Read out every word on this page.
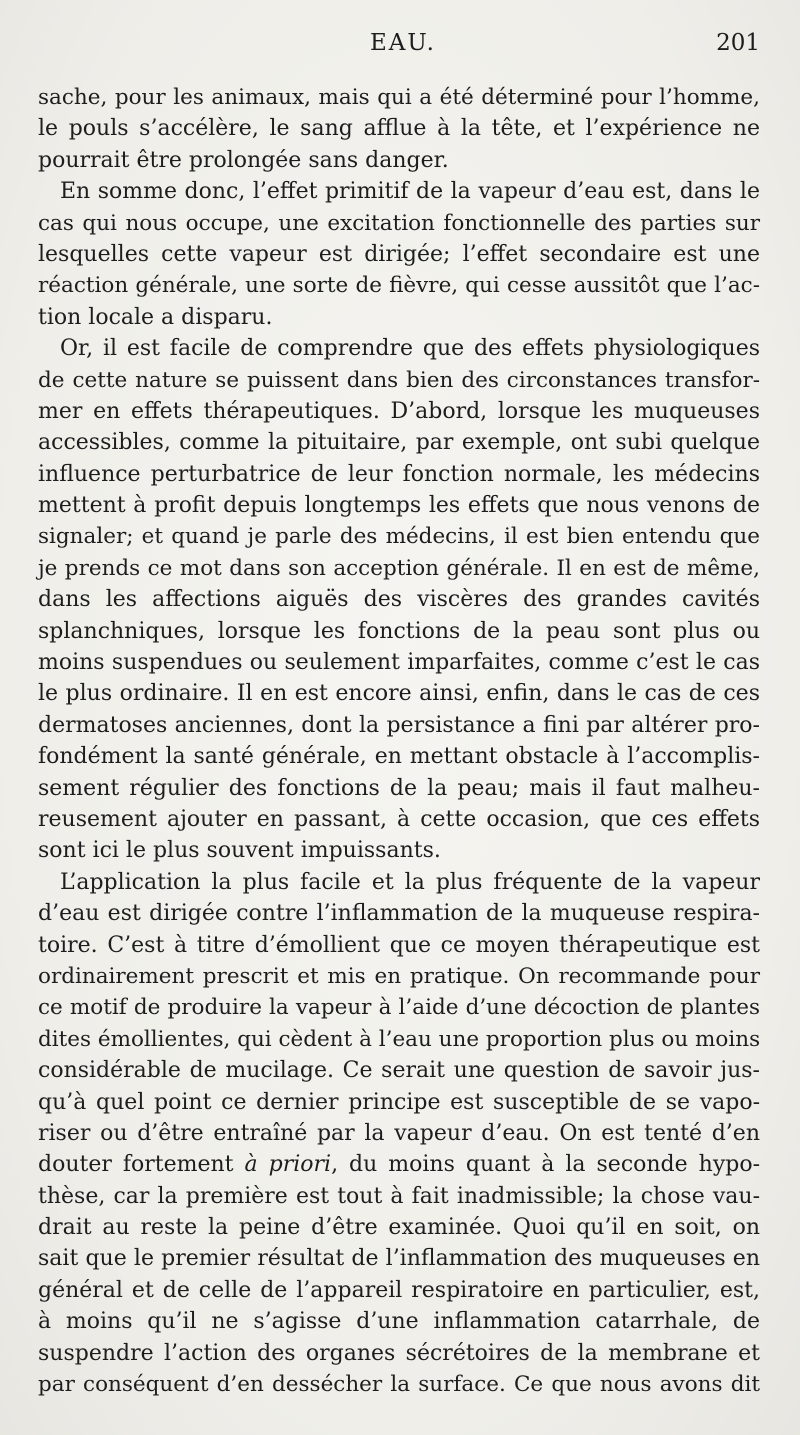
EAU.	201
sache, pour les animaux, mais qui a été déterminé pour l’homme,
le pouls s’accélère, le sang afflue à la tête, et l’expérience ne
pourrait être prolongée sans danger.
En somme donc, l’effet primitif de la vapeur d’eau est, dans le
cas qui nous occupe, une excitation fonctionnelle des parties sur
lesquelles cette vapeur est dirigée; l’effet secondaire est une
réaction générale, une sorte de fièvre, qui cesse aussitôt que l’ac-
tion locale a disparu.
Or, il est facile de comprendre que des effets physiologiques
de cette nature se puissent dans bien des circonstances transfor-
mer en effets thérapeutiques. D’abord, lorsque les muqueuses
accessibles, comme la pituitaire, par exemple, ont subi quelque
influence perturbatrice de leur fonction normale, les médecins
mettent à profit depuis longtemps les effets que nous venons de
signaler; et quand je parle des médecins, il est bien entendu que
je prends ce mot dans son acception générale. Il en est de même,
dans les affections aiguës des viscères des grandes cavités
splanchniques, lorsque les fonctions de la peau sont plus ou
moins suspendues ou seulement imparfaites, comme c’est le cas
le plus ordinaire. Il en est encore ainsi, enfin, dans le cas de ces
dermatoses anciennes, dont la persistance a fini par altérer pro-
fondément la santé générale, en mettant obstacle à l’accomplis-
sement régulier des fonctions de la peau; mais il faut malheu-
reusement ajouter en passant, à cette occasion, que ces effets
sont ici le plus souvent impuissants.
L’application la plus facile et la plus fréquente de la vapeur
d’eau est dirigée contre l’inflammation de la muqueuse respira-
toire. C’est à titre d’émollient que ce moyen thérapeutique est
ordinairement prescrit et mis en pratique. On recommande pour
ce motif de produire la vapeur à l’aide d’une décoction de plantes
dites émollientes, qui cèdent à l’eau une proportion plus ou moins
considérable de mucilage. Ce serait une question de savoir jus-
qu’à quel point ce dernier principe est susceptible de se vapo-
riser ou d’être entraîné par la vapeur d’eau. On est tenté d’en
douter fortement à priori, du moins quant à la seconde hypo-
thèse, car la première est tout à fait inadmissible; la chose vau-
drait au reste la peine d’être examinée. Quoi qu’il en soit, on
sait que le premier résultat de l’inflammation des muqueuses en
général et de celle de l’appareil respiratoire en particulier, est,
à moins qu’il ne s’agisse d’une inflammation catarrhale, de
suspendre l’action des organes sécrétoires de la membrane et
par conséquent d’en dessécher la surface. Ce que nous avons dit
